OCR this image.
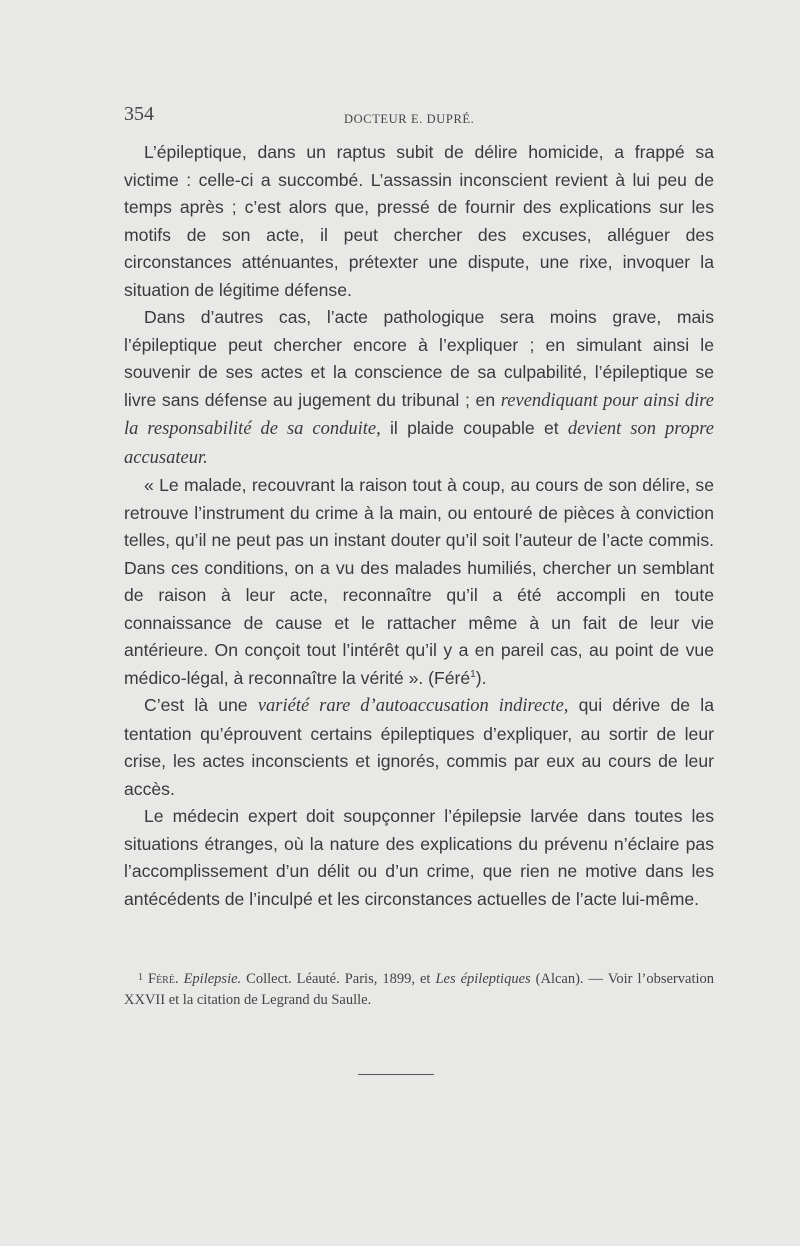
354	DOCTEUR E. DUPRÉ.

L’épileptique, dans un raptus subit de délire homicide, a frappé sa victime : celle-ci a succombé. L’assassin inconscient revient à lui peu de temps après ; c’est alors que, pressé de fournir des explications sur les motifs de son acte, il peut chercher des excuses, alléguer des circonstances atténuantes, prétexter une dispute, une rixe, invoquer la situation de légitime défense.

Dans d’autres cas, l’acte pathologique sera moins grave, mais l’épileptique peut chercher encore à l’expliquer ; en simulant ainsi le souvenir de ses actes et la conscience de sa culpabilité, l’épileptique se livre sans défense au jugement du tribunal ; en revendiquant pour ainsi dire la responsabilité de sa conduite, il plaide coupable et devient son propre accusateur.

« Le malade, recouvrant la raison tout à coup, au cours de son délire, se retrouve l’instrument du crime à la main, ou entouré de pièces à conviction telles, qu’il ne peut pas un instant douter qu’il soit l’auteur de l’acte commis. Dans ces conditions, on a vu des malades humiliés, chercher un semblant de raison à leur acte, reconnaître qu’il a été accompli en toute connaissance de cause et le rattacher même à un fait de leur vie antérieure. On conçoit tout l’intérêt qu’il y a en pareil cas, au point de vue médico-légal, à reconnaître la vérité ». (Féré$^1$).

C’est là une variété rare d’autoaccusation indirecte, qui dérive de la tentation qu’éprouvent certains épileptiques d’expliquer, au sortir de leur crise, les actes inconscients et ignorés, commis par eux au cours de leur accès.

Le médecin expert doit soupçonner l’épilepsie larvée dans toutes les situations étranges, où la nature des explications du prévenu n’éclaire pas l’accomplissement d’un délit ou d’un crime, que rien ne motive dans les antécédents de l’inculpé et les circonstances actuelles de l’acte lui-même.

$^1$ Féré. Epilepsie. Collect. Léauté. Paris, 1899, et Les épileptiques (Alcan). — Voir l’observation XXVII et la citation de Legrand du Saulle.
